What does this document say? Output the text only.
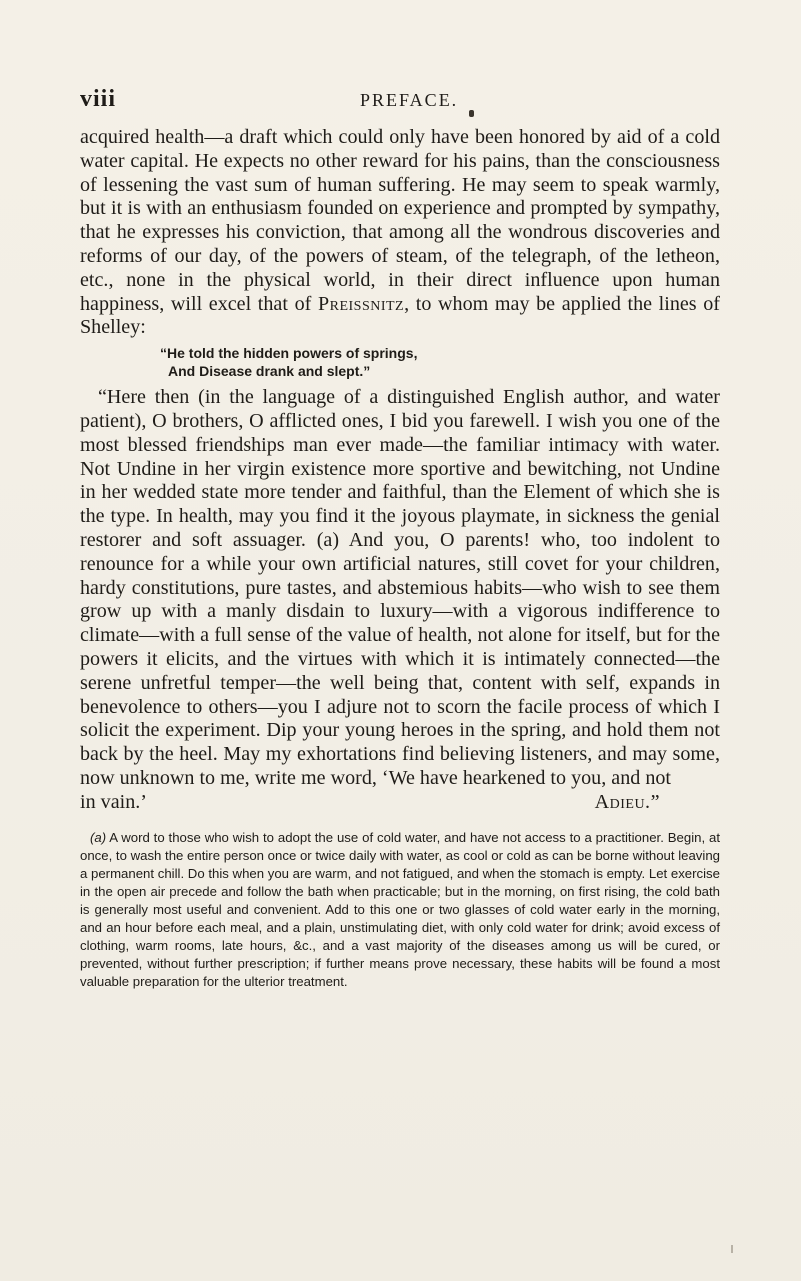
viii	PREFACE.

acquired health—a draft which could only have been honored by aid of a cold water capital. He expects no other reward for his pains, than the consciousness of lessening the vast sum of human suffering. He may seem to speak warmly, but it is with an enthusiasm founded on experience and prompted by sympathy, that he expresses his conviction, that among all the wondrous discoveries and reforms of our day, of the powers of steam, of the telegraph, of the letheon, etc., none in the physical world, in their direct influence upon human happiness, will excel that of Preissnitz, to whom may be applied the lines of Shelley:

“He told the hidden powers of springs,
And Disease drank and slept.”

“Here then (in the language of a distinguished English author, and water patient), O brothers, O afflicted ones, I bid you farewell. I wish you one of the most blessed friendships man ever made—the familiar intimacy with water. Not Undine in her virgin existence more sportive and bewitching, not Undine in her wedded state more tender and faithful, than the Element of which she is the type. In health, may you find it the joyous playmate, in sickness the genial restorer and soft assuager. (a) And you, O parents! who, too indolent to renounce for a while your own artificial natures, still covet for your children, hardy constitutions, pure tastes, and abstemious habits—who wish to see them grow up with a manly disdain to luxury—with a vigorous indifference to climate—with a full sense of the value of health, not alone for itself, but for the powers it elicits, and the virtues with which it is intimately connected—the serene unfretful temper—the well being that, content with self, expands in benevolence to others—you I adjure not to scorn the facile process of which I solicit the experiment. Dip your young heroes in the spring, and hold them not back by the heel. May my exhortations find believing listeners, and may some, now unknown to me, write me word, ‘We have hearkened to you, and not

in vain.’	Adieu.”

(a) A word to those who wish to adopt the use of cold water, and have not access to a practitioner. Begin, at once, to wash the entire person once or twice daily with water, as cool or cold as can be borne without leaving a permanent chill. Do this when you are warm, and not fatigued, and when the stomach is empty. Let exercise in the open air precede and follow the bath when practicable; but in the morning, on first rising, the cold bath is generally most useful and convenient. Add to this one or two glasses of cold water early in the morning, and an hour before each meal, and a plain, unstimulating diet, with only cold water for drink; avoid excess of clothing, warm rooms, late hours, &c., and a vast majority of the diseases among us will be cured, or prevented, without further prescription; if further means prove necessary, these habits will be found a most valuable preparation for the ulterior treatment.
